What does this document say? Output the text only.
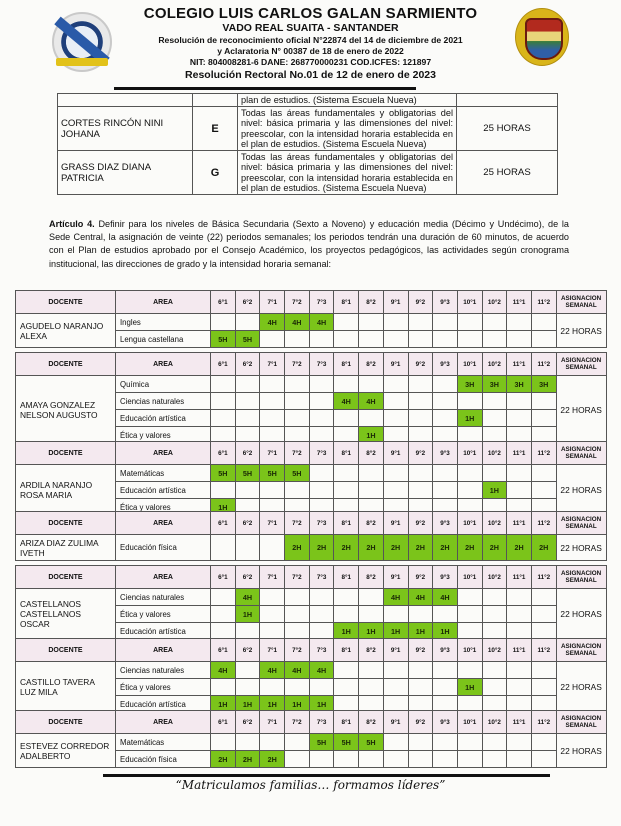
COLEGIO LUIS CARLOS GALAN SARMIENTO
VADO REAL SUAITA - SANTANDER
Resolución de reconocimiento oficial N°22874 del 14 de diciembre de 2021
y Aclaratoria N° 00387 de 18 de enero de 2022
NIT: 804008281-6 DANE: 268770000231 COD.ICFES: 121897
Resolución Rectoral No.01 de 12 de enero de 2023
		plan de estudios. (Sistema Escuela Nueva)	
CORTES RINCÓN NINI JOHANA	E	Todas las áreas fundamentales y obligatorias del nivel: básica primaria y las dimensiones del nivel: preescolar, con la intensidad horaria establecida en el plan de estudios. (Sistema Escuela Nueva)	25 HORAS
GRASS DIAZ DIANA PATRICIA	G	Todas las áreas fundamentales y obligatorias del nivel: básica primaria y las dimensiones del nivel: preescolar, con la intensidad horaria establecida en el plan de estudios. (Sistema Escuela Nueva)	25 HORAS
Artículo 4. Definir para los niveles de Básica Secundaria (Sexto a Noveno) y educación media (Décimo y Undécimo), de la Sede Central, la asignación de veinte (22) periodos semanales; los periodos tendrán una duración de 60 minutos, de acuerdo con el Plan de estudios aprobado por el Consejo Académico, los proyectos pedagógicos, las actividades según cronograma institucional, las direcciones de grado y la intensidad horaria semanal:
DOCENTE	AREA	6°1	6°2	7°1	7°2	7°3	8°1	8°2	9°1	9°2	9°3	10°1	10°2	11°1	11°2	ASIGNACION SEMANAL
AGUDELO NARANJO ALEXA	Ingles			4H	4H	4H										22 HORAS
	Lengua castellana	5H	5H													
DOCENTE	AREA	6°1	6°2	7°1	7°2	7°3	8°1	8°2	9°1	9°2	9°3	10°1	10°2	11°1	11°2	ASIGNACION SEMANAL
AMAYA GONZALEZ NELSON AUGUSTO	Química											3H	3H	3H	3H	22 HORAS
	Ciencias naturales						4H	4H								
	Educación artística											1H				
	Ética y valores							1H								
DOCENTE	AREA	6°1	6°2	7°1	7°2	7°3	8°1	8°2	9°1	9°2	9°3	10°1	10°2	11°1	11°2	ASIGNACION SEMANAL
ARDILA NARANJO ROSA MARIA	Matemáticas	5H	5H	5H	5H											22 HORAS
	Educación artística												1H			
	Ética y valores	1H														
DOCENTE	AREA	6°1	6°2	7°1	7°2	7°3	8°1	8°2	9°1	9°2	9°3	10°1	10°2	11°1	11°2	ASIGNACION SEMANAL
ARIZA DIAZ ZULIMA IVETH	Educación física				2H	2H	2H	2H	2H	2H	2H	2H	2H	2H	2H	22 HORAS
DOCENTE	AREA	6°1	6°2	7°1	7°2	7°3	8°1	8°2	9°1	9°2	9°3	10°1	10°2	11°1	11°2	ASIGNACION SEMANAL
CASTELLANOS CASTELLANOS OSCAR	Ciencias naturales		4H						4H	4H	4H					22 HORAS
	Ética y valores		1H													
	Educación artística						1H	1H	1H	1H	1H					
DOCENTE	AREA	6°1	6°2	7°1	7°2	7°3	8°1	8°2	9°1	9°2	9°3	10°1	10°2	11°1	11°2	ASIGNACION SEMANAL
CASTILLO TAVERA LUZ MILA	Ciencias naturales	4H		4H	4H	4H										22 HORAS
	Ética y valores											1H				
	Educación artística	1H	1H	1H	1H	1H										
DOCENTE	AREA	6°1	6°2	7°1	7°2	7°3	8°1	8°2	9°1	9°2	9°3	10°1	10°2	11°1	11°2	ASIGNACION SEMANAL
ESTEVEZ CORREDOR ADALBERTO	Matemáticas					5H	5H	5H								22 HORAS
	Educación física	2H	2H	2H												
“Matriculamos familias… formamos líderes”
